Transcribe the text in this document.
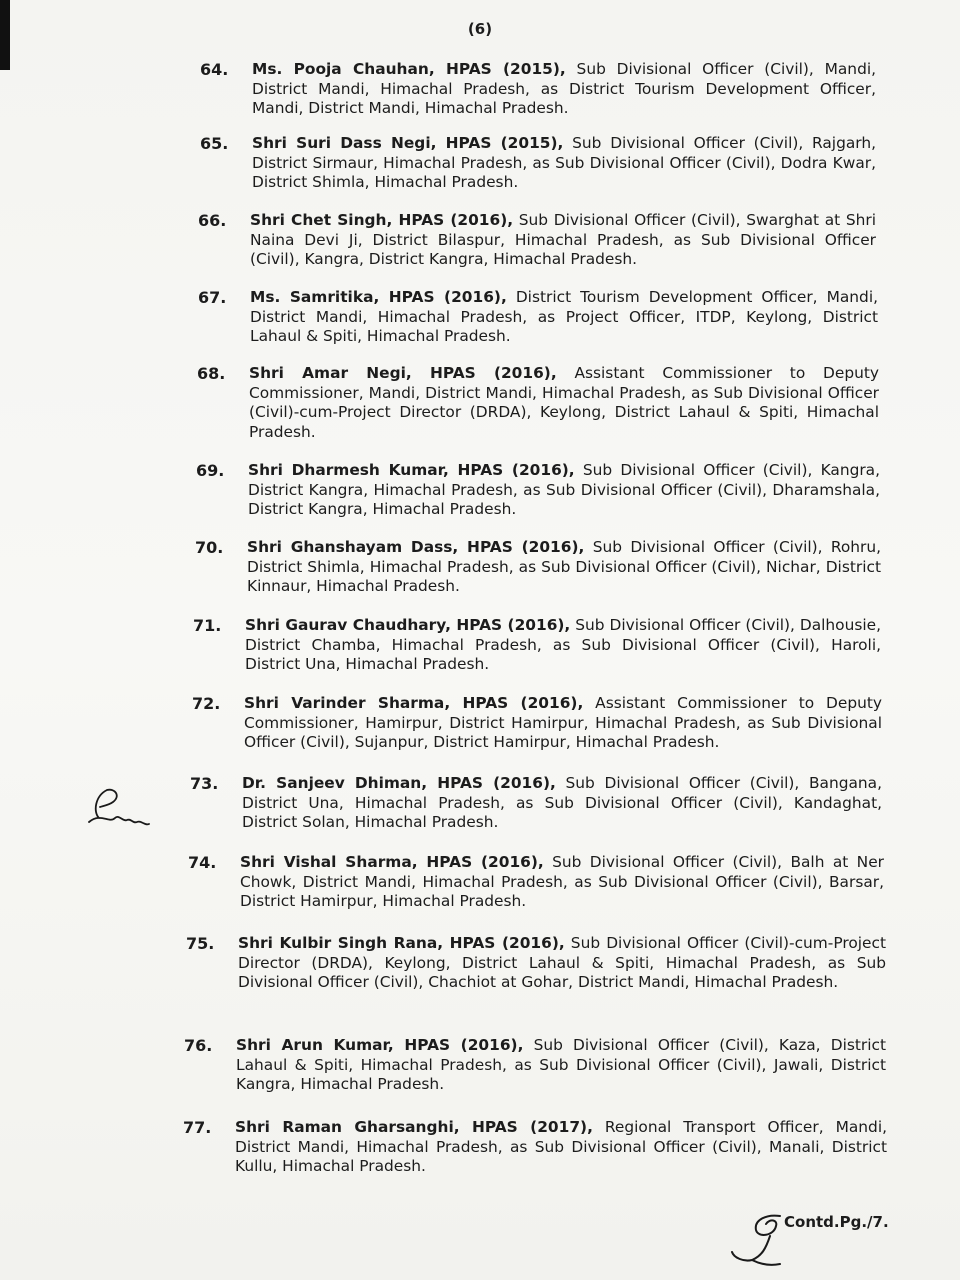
(6)
64.	Ms. Pooja Chauhan, HPAS (2015), Sub Divisional Officer (Civil), Mandi, District Mandi, Himachal Pradesh, as District Tourism Development Officer, Mandi, District Mandi, Himachal Pradesh.
65.	Shri Suri Dass Negi, HPAS (2015), Sub Divisional Officer (Civil), Rajgarh, District Sirmaur, Himachal Pradesh, as Sub Divisional Officer (Civil), Dodra Kwar, District Shimla, Himachal Pradesh.
66.	Shri Chet Singh, HPAS (2016), Sub Divisional Officer (Civil), Swarghat at Shri Naina Devi Ji, District Bilaspur, Himachal Pradesh, as Sub Divisional Officer (Civil), Kangra, District Kangra, Himachal Pradesh.
67.	Ms. Samritika, HPAS (2016), District Tourism Development Officer, Mandi, District Mandi, Himachal Pradesh, as Project Officer, ITDP, Keylong, District Lahaul & Spiti, Himachal Pradesh.
68.	Shri Amar Negi, HPAS (2016), Assistant Commissioner to Deputy Commissioner, Mandi, District Mandi, Himachal Pradesh, as Sub Divisional Officer (Civil)-cum-Project Director (DRDA), Keylong, District Lahaul & Spiti, Himachal Pradesh.
69.	Shri Dharmesh Kumar, HPAS (2016), Sub Divisional Officer (Civil), Kangra, District Kangra, Himachal Pradesh, as Sub Divisional Officer (Civil), Dharamshala, District Kangra, Himachal Pradesh.
70.	Shri Ghanshayam Dass, HPAS (2016), Sub Divisional Officer (Civil), Rohru, District Shimla, Himachal Pradesh, as Sub Divisional Officer (Civil), Nichar, District Kinnaur, Himachal Pradesh.
71.	Shri Gaurav Chaudhary, HPAS (2016), Sub Divisional Officer (Civil), Dalhousie, District Chamba, Himachal Pradesh, as Sub Divisional Officer (Civil), Haroli, District Una, Himachal Pradesh.
72.	Shri Varinder Sharma, HPAS (2016), Assistant Commissioner to Deputy Commissioner, Hamirpur, District Hamirpur, Himachal Pradesh, as Sub Divisional Officer (Civil), Sujanpur, District Hamirpur, Himachal Pradesh.
73.	Dr. Sanjeev Dhiman, HPAS (2016), Sub Divisional Officer (Civil), Bangana, District Una, Himachal Pradesh, as Sub Divisional Officer (Civil), Kandaghat, District Solan, Himachal Pradesh.
74.	Shri Vishal Sharma, HPAS (2016), Sub Divisional Officer (Civil), Balh at Ner Chowk, District Mandi, Himachal Pradesh, as Sub Divisional Officer (Civil), Barsar, District Hamirpur, Himachal Pradesh.
75.	Shri Kulbir Singh Rana, HPAS (2016), Sub Divisional Officer (Civil)-cum-Project Director (DRDA), Keylong, District Lahaul & Spiti, Himachal Pradesh, as Sub Divisional Officer (Civil), Chachiot at Gohar, District Mandi, Himachal Pradesh.
76.	Shri Arun Kumar, HPAS (2016), Sub Divisional Officer (Civil), Kaza, District Lahaul & Spiti, Himachal Pradesh, as Sub Divisional Officer (Civil), Jawali, District Kangra, Himachal Pradesh.
77.	Shri Raman Gharsanghi, HPAS (2017), Regional Transport Officer, Mandi, District Mandi, Himachal Pradesh, as Sub Divisional Officer (Civil), Manali, District Kullu, Himachal Pradesh.
Contd.Pg./7.
